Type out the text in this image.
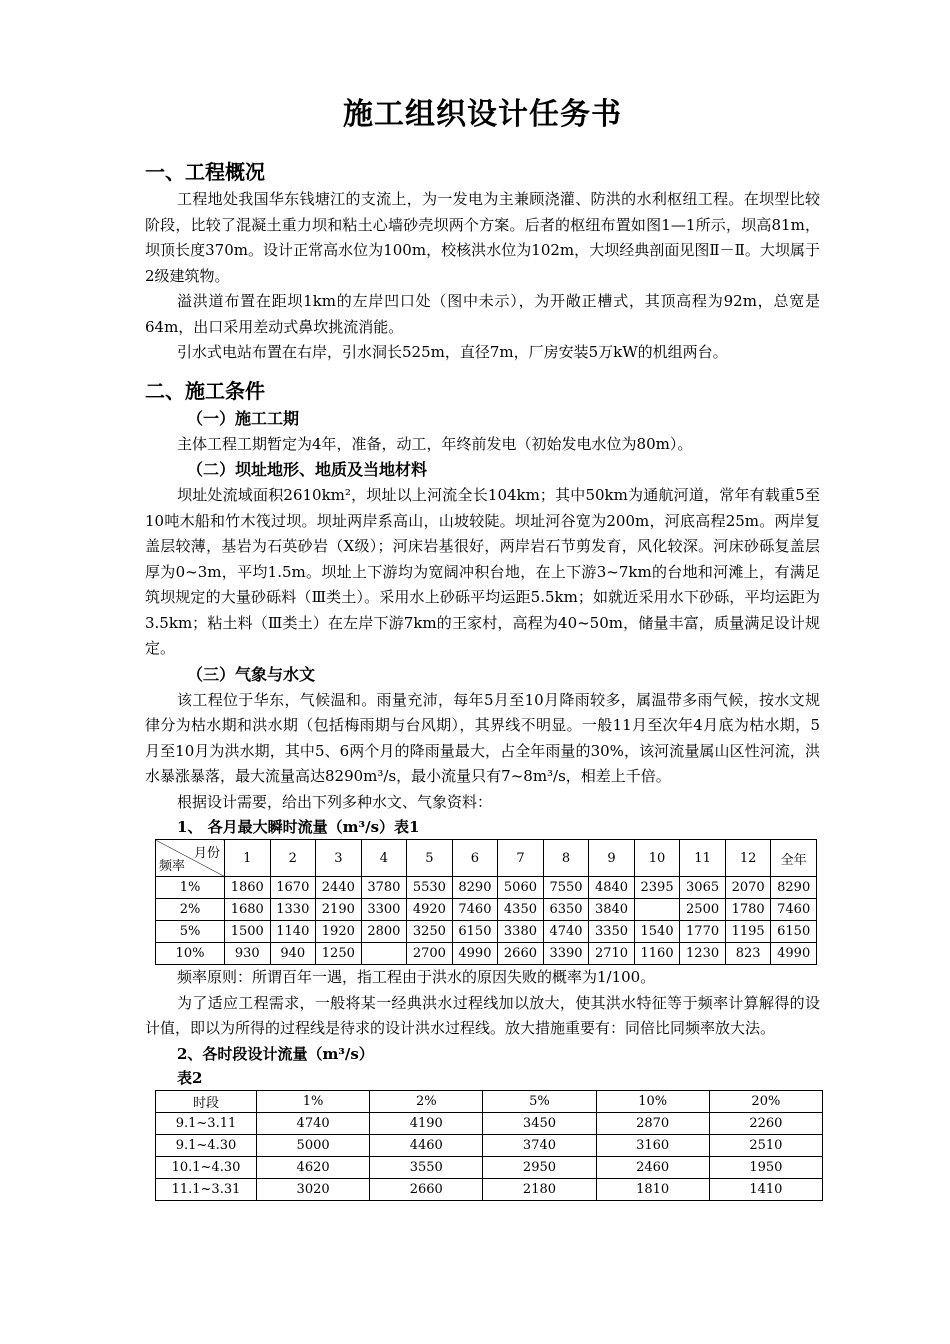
施工组织设计任务书
一、工程概况

工程地处我国华东钱塘江的支流上，为一发电为主兼顾浇灌、防洪的水利枢纽工程。在坝型比较阶段，比较了混凝土重力坝和粘土心墙砂壳坝两个方案。后者的枢纽布置如图1—1所示，坝高81m，坝顶长度370m。设计正常高水位为100m，校核洪水位为102m，大坝经典剖面见图Ⅱ－Ⅱ。大坝属于2级建筑物。

溢洪道布置在距坝1km的左岸凹口处（图中未示），为开敞正槽式，其顶高程为92m，总宽是64m，出口采用差动式鼻坎挑流消能。

引水式电站布置在右岸，引水洞长525m，直径7m，厂房安装5万kW的机组两台。

二、施工条件
（一）施工工期

主体工程工期暂定为4年，准备，动工，年终前发电（初始发电水位为80m）。

（二）坝址地形、地质及当地材料

坝址处流域面积2610km²，坝址以上河流全长104km；其中50km为通航河道，常年有载重5至10吨木船和竹木筏过坝。坝址两岸系高山，山坡较陡。坝址河谷宽为200m，河底高程25m。两岸复盖层较薄，基岩为石英砂岩（Ⅹ级）；河床岩基很好，两岸岩石节剪发育，风化较深。河床砂砾复盖层厚为0~3m，平均1.5m。坝址上下游均为宽阔冲积台地，在上下游3~7km的台地和河滩上，有满足筑坝规定的大量砂砾料（Ⅲ类土）。采用水上砂砾平均运距5.5km；如就近采用水下砂砾，平均运距为3.5km；粘土料（Ⅲ类土）在左岸下游7km的王家村，高程为40~50m，储量丰富，质量满足设计规定。

（三）气象与水文

该工程位于华东，气候温和。雨量充沛，每年5月至10月降雨较多，属温带多雨气候，按水文规律分为枯水期和洪水期（包括梅雨期与台风期），其界线不明显。一般11月至次年4月底为枯水期，5月至10月为洪水期，其中5、6两个月的降雨量最大，占全年雨量的30%，该河流量属山区性河流，洪水暴涨暴落，最大流量高达8290m³/s，最小流量只有7~8m³/s，相差上千倍。

根据设计需要，给出下列多种水文、气象资料：

1、 各月最大瞬时流量（m³/s）表1
月份
频率	1	2	3	4	5	6	7	8	9	10	11	12	全年
1%	1860	1670	2440	3780	5530	8290	5060	7550	4840	2395	3065	2070	8290
2%	1680	1330	2190	3300	4920	7460	4350	6350	3840		2500	1780	7460
5%	1500	1140	1920	2800	3250	6150	3380	4740	3350	1540	1770	1195	6150
10%	930	940	1250		2700	4990	2660	3390	2710	1160	1230	823	4990

频率原则：所谓百年一遇，指工程由于洪水的原因失败的概率为1/100。

为了适应工程需求，一般将某一经典洪水过程线加以放大，使其洪水特征等于频率计算解得的设计值，即以为所得的过程线是待求的设计洪水过程线。放大措施重要有：同倍比同频率放大法。

2、各时段设计流量（m³/s）
表2
时段	1%	2%	5%	10%	20%
9.1~3.11	4740	4190	3450	2870	2260
9.1~4.30	5000	4460	3740	3160	2510
10.1~4.30	4620	3550	2950	2460	1950
11.1~3.31	3020	2660	2180	1810	1410
